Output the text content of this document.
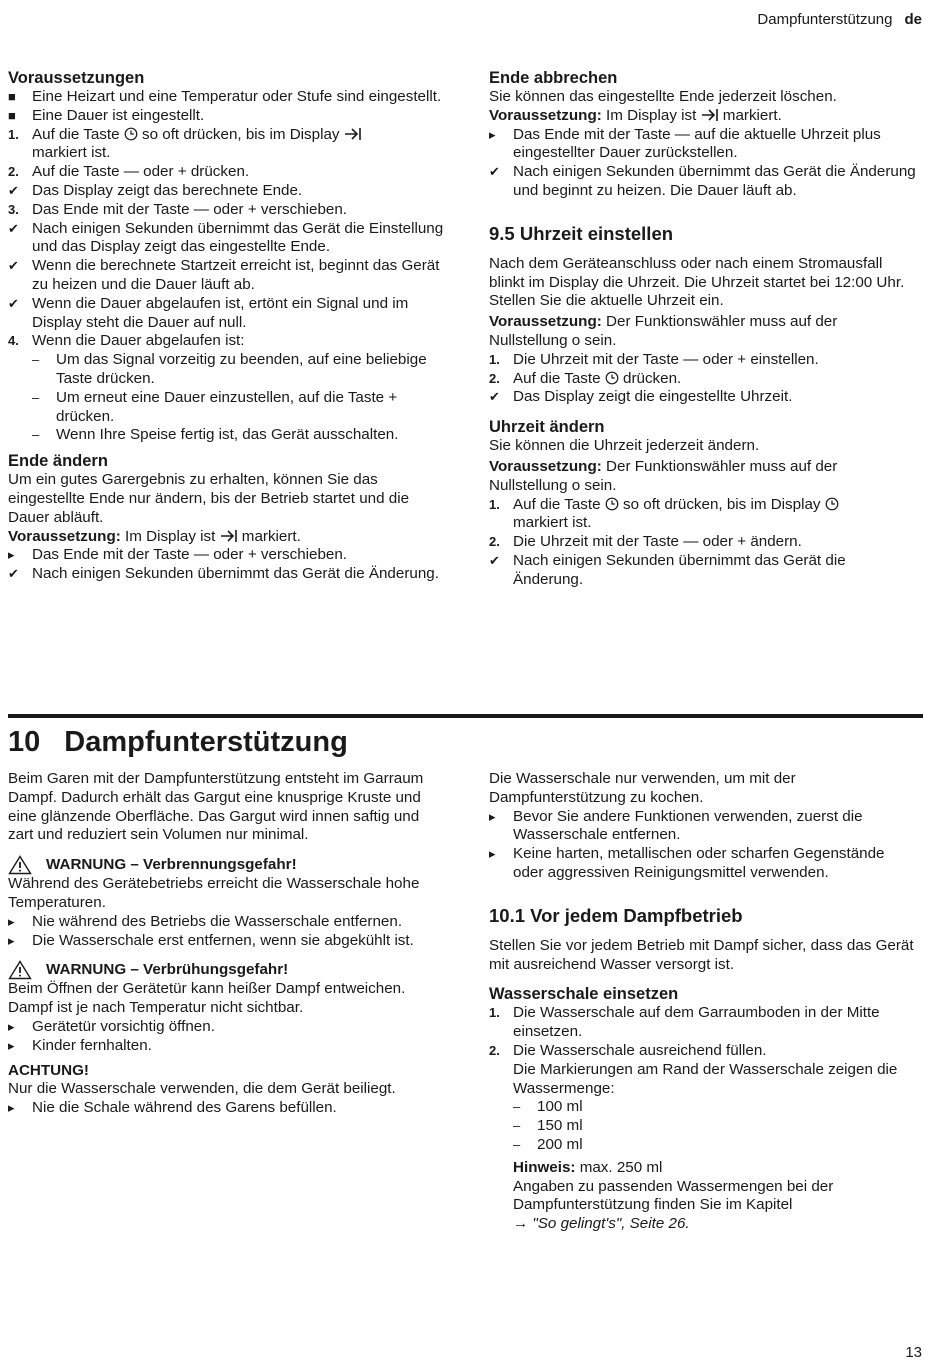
Dampfunterstützung de
Voraussetzungen
■	Eine Heizart und eine Temperatur oder Stufe sind eingestellt.
■	Eine Dauer ist eingestellt.
1. Auf die Taste so oft drücken, bis im Display
markiert ist.
2. Auf die Taste — oder + drücken.
✔ Das Display zeigt das berechnete Ende.
3. Das Ende mit der Taste — oder + verschieben.
✔ Nach einigen Sekunden übernimmt das Gerät die Einstellung und das Display zeigt das eingestellte Ende.
✔ Wenn die berechnete Startzeit erreicht ist, beginnt das Gerät zu heizen und die Dauer läuft ab.
✔ Wenn die Dauer abgelaufen ist, ertönt ein Signal und im Display steht die Dauer auf null.
4. Wenn die Dauer abgelaufen ist:
–	Um das Signal vorzeitig zu beenden, auf eine beliebige Taste drücken.
–	Um erneut eine Dauer einzustellen, auf die Taste + drücken.
–	Wenn Ihre Speise fertig ist, das Gerät ausschalten.
Ende ändern

Um ein gutes Garergebnis zu erhalten, können Sie das eingestellte Ende nur ändern, bis der Betrieb startet und die Dauer abläuft.

Voraussetzung: Im Display ist markiert.

▸	Das Ende mit der Taste — oder + verschieben.
✔ Nach einigen Sekunden übernimmt das Gerät die Änderung.
Ende abbrechen

Sie können das eingestellte Ende jederzeit löschen.

Voraussetzung: Im Display ist markiert.

▸	Das Ende mit der Taste — auf die aktuelle Uhrzeit plus eingestellter Dauer zurückstellen.
✔ Nach einigen Sekunden übernimmt das Gerät die Änderung und beginnt zu heizen. Die Dauer läuft ab.
9.5 Uhrzeit einstellen

Nach dem Geräteanschluss oder nach einem Stromausfall blinkt im Display die Uhrzeit. Die Uhrzeit startet bei 12:00 Uhr. Stellen Sie die aktuelle Uhrzeit ein.

Voraussetzung: Der Funktionswähler muss auf der Nullstellung o sein.

1. Die Uhrzeit mit der Taste — oder + einstellen.
2. Auf die Taste drücken.
✔ Das Display zeigt die eingestellte Uhrzeit.
Uhrzeit ändern

Sie können die Uhrzeit jederzeit ändern.

Voraussetzung: Der Funktionswähler muss auf der Nullstellung o sein.

1. Auf die Taste so oft drücken, bis im Display
markiert ist.
2. Die Uhrzeit mit der Taste — oder + ändern.
✔ Nach einigen Sekunden übernimmt das Gerät die Änderung.
10 Dampfunterstützung

Beim Garen mit der Dampfunterstützung entsteht im Garraum Dampf. Dadurch erhält das Gargut eine knusprige Kruste und eine glänzende Oberfläche. Das Gargut wird innen saftig und zart und reduziert sein Volumen nur minimal.

WARNUNG – Verbrennungsgefahr!

Während des Gerätebetriebs erreicht die Wasserschale hohe Temperaturen.

▸	Nie während des Betriebs die Wasserschale entfernen.
▸	Die Wasserschale erst entfernen, wenn sie abgekühlt ist.
WARNUNG – Verbrühungsgefahr!

Beim Öffnen der Gerätetür kann heißer Dampf entweichen. Dampf ist je nach Temperatur nicht sichtbar.

▸	Gerätetür vorsichtig öffnen.
▸	Kinder fernhalten.

ACHTUNG!

Nur die Wasserschale verwenden, die dem Gerät beiliegt.

▸	Nie die Schale während des Garens befüllen.

Die Wasserschale nur verwenden, um mit der Dampfunterstützung zu kochen.

▸	Bevor Sie andere Funktionen verwenden, zuerst die Wasserschale entfernen.
▸	Keine harten, metallischen oder scharfen Gegenstände oder aggressiven Reinigungsmittel verwenden.
10.1 Vor jedem Dampfbetrieb

Stellen Sie vor jedem Betrieb mit Dampf sicher, dass das Gerät mit ausreichend Wasser versorgt ist.

Wasserschale einsetzen
1. Die Wasserschale auf dem Garraumboden in der Mitte einsetzen.
2. Die Wasserschale ausreichend füllen.
Die Markierungen am Rand der Wasserschale zeigen die Wassermenge:
–	100 ml
–	150 ml
–	200 ml
Hinweis: max. 250 ml
Angaben zu passenden Wassermengen bei der Dampfunterstützung finden Sie im Kapitel
→ "So gelingt's", Seite 26.
13
